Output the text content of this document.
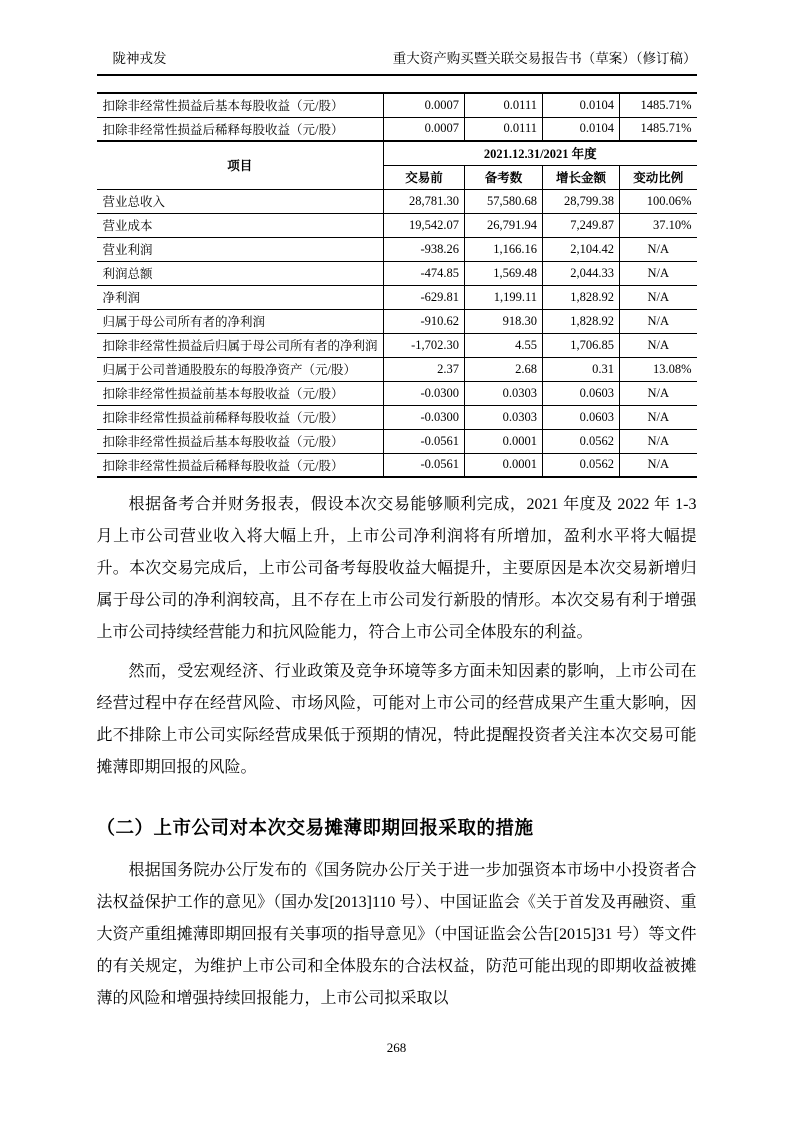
陇神戎发	重大资产购买暨关联交易报告书（草案）（修订稿）
扣除非经常性损益后基本每股收益（元/股）	0.0007	0.0111	0.0104	1485.71%
扣除非经常性损益后稀释每股收益（元/股）	0.0007	0.0111	0.0104	1485.71%
项目	2021.12.31/2021 年度			
	交易前	备考数	增长金额	变动比例
营业总收入	28,781.30	57,580.68	28,799.38	100.06%
营业成本	19,542.07	26,791.94	7,249.87	37.10%
营业利润	-938.26	1,166.16	2,104.42	N/A
利润总额	-474.85	1,569.48	2,044.33	N/A
净利润	-629.81	1,199.11	1,828.92	N/A
归属于母公司所有者的净利润	-910.62	918.30	1,828.92	N/A
扣除非经常性损益后归属于母公司所有者的净利润	-1,702.30	4.55	1,706.85	N/A
归属于公司普通股股东的每股净资产（元/股）	2.37	2.68	0.31	13.08%
扣除非经常性损益前基本每股收益（元/股）	-0.0300	0.0303	0.0603	N/A
扣除非经常性损益前稀释每股收益（元/股）	-0.0300	0.0303	0.0603	N/A
扣除非经常性损益后基本每股收益（元/股）	-0.0561	0.0001	0.0562	N/A
扣除非经常性损益后稀释每股收益（元/股）	-0.0561	0.0001	0.0562	N/A

根据备考合并财务报表，假设本次交易能够顺利完成，2021 年度及 2022 年 1-3 月上市公司营业收入将大幅上升，上市公司净利润将有所增加，盈利水平将大幅提升。本次交易完成后，上市公司备考每股收益大幅提升，主要原因是本次交易新增归属于母公司的净利润较高，且不存在上市公司发行新股的情形。本次交易有利于增强上市公司持续经营能力和抗风险能力，符合上市公司全体股东的利益。

然而，受宏观经济、行业政策及竞争环境等多方面未知因素的影响，上市公司在经营过程中存在经营风险、市场风险，可能对上市公司的经营成果产生重大影响，因此不排除上市公司实际经营成果低于预期的情况，特此提醒投资者关注本次交易可能摊薄即期回报的风险。

（二）上市公司对本次交易摊薄即期回报采取的措施

根据国务院办公厅发布的《国务院办公厅关于进一步加强资本市场中小投资者合法权益保护工作的意见》（国办发[2013]110 号）、中国证监会《关于首发及再融资、重大资产重组摊薄即期回报有关事项的指导意见》（中国证监会公告[2015]31 号）等文件的有关规定，为维护上市公司和全体股东的合法权益，防范可能出现的即期收益被摊薄的风险和增强持续回报能力，上市公司拟采取以

268
